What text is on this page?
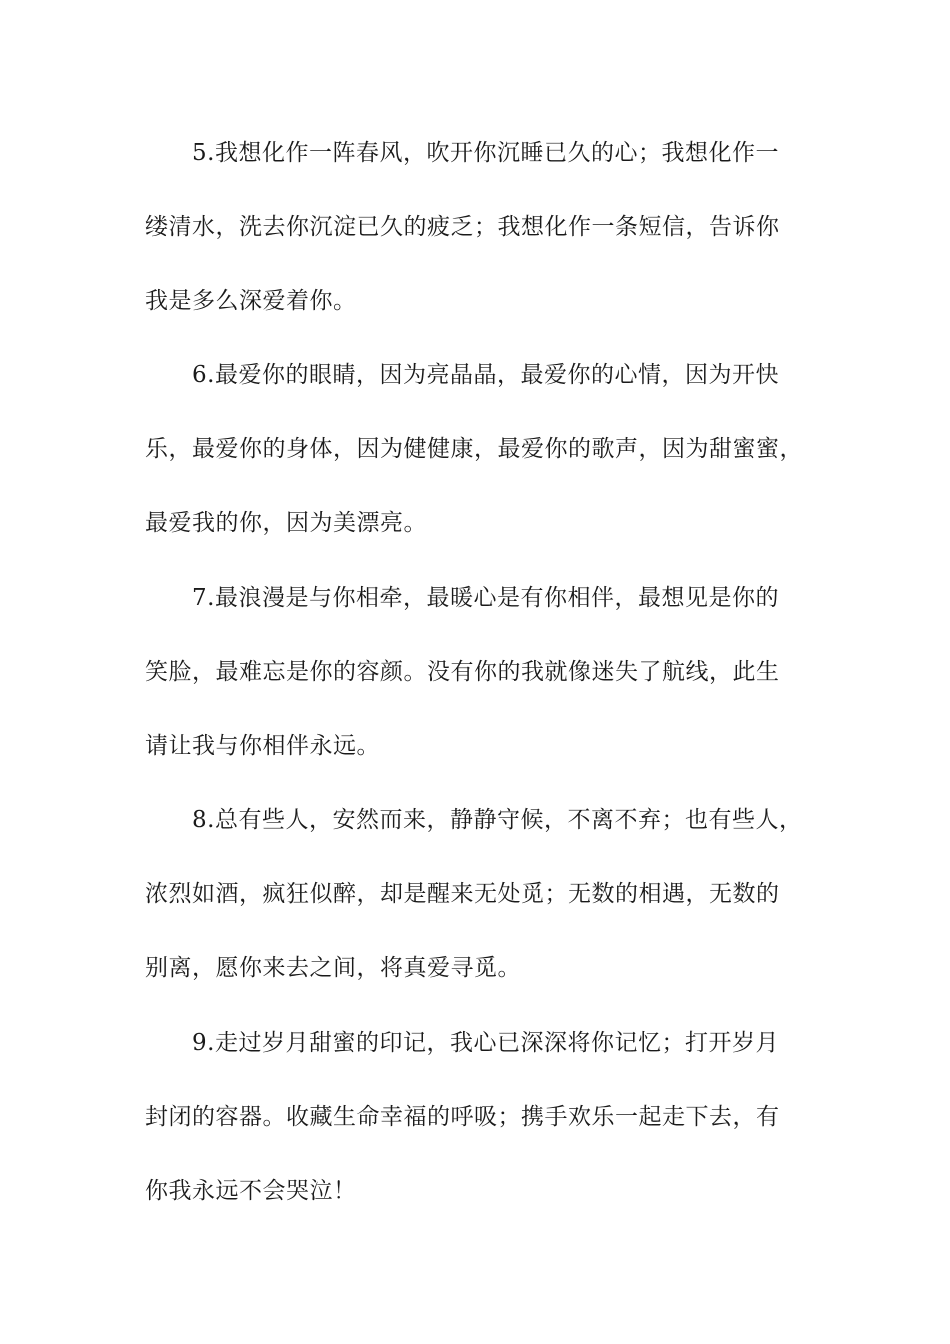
5.我想化作一阵春风，吹开你沉睡已久的心；我想化作一
缕清水，洗去你沉淀已久的疲乏；我想化作一条短信，告诉你
我是多么深爱着你。
6.最爱你的眼睛，因为亮晶晶，最爱你的心情，因为开快
乐，最爱你的身体，因为健健康，最爱你的歌声，因为甜蜜蜜，
最爱我的你，因为美漂亮。
7.最浪漫是与你相牵，最暖心是有你相伴，最想见是你的
笑脸，最难忘是你的容颜。没有你的我就像迷失了航线，此生
请让我与你相伴永远。
8.总有些人，安然而来，静静守候，不离不弃；也有些人，
浓烈如酒，疯狂似醉，却是醒来无处觅；无数的相遇，无数的
别离，愿你来去之间，将真爱寻觅。
9.走过岁月甜蜜的印记，我心已深深将你记忆；打开岁月
封闭的容器。收藏生命幸福的呼吸；携手欢乐一起走下去，有
你我永远不会哭泣！
